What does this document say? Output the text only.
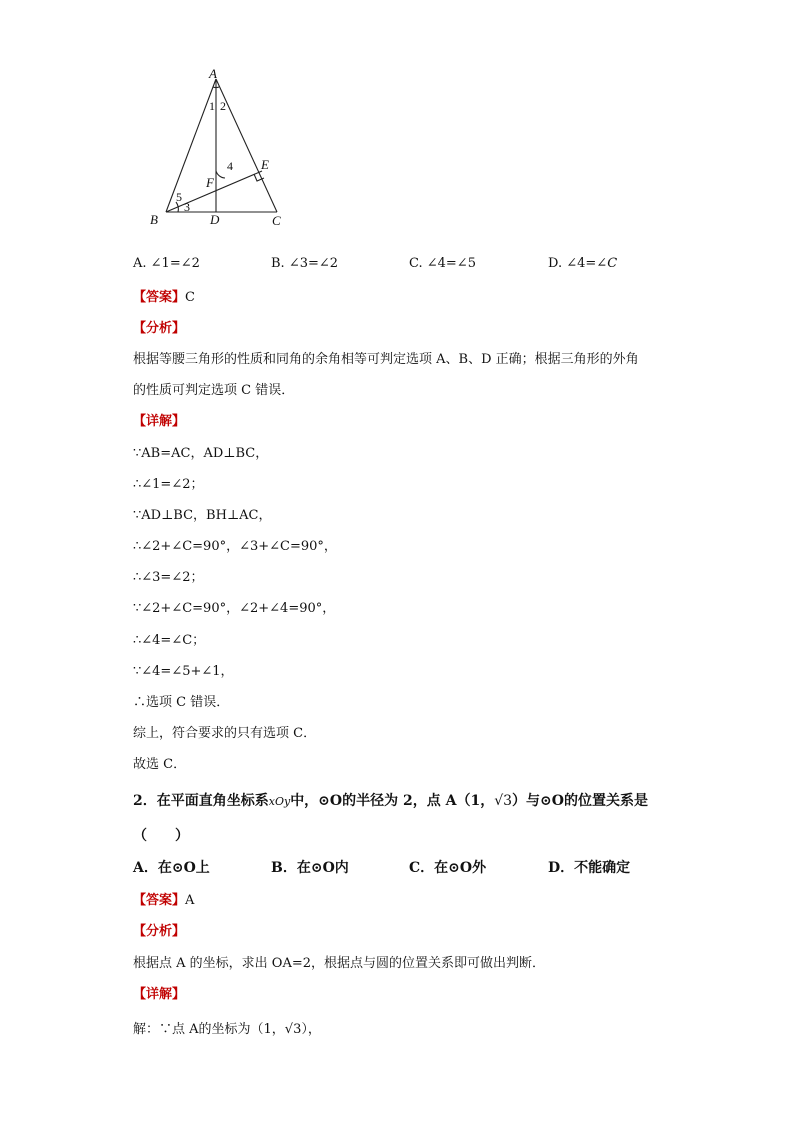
A
B	C
D
E
F
1 2
3
4
5
A. ∠1=∠2	B. ∠3=∠2	C. ∠4=∠5	D. ∠4=∠C
【答案】C
【分析】
根据等腰三角形的性质和同角的余角相等可判定选项 A、B、D 正确；根据三角形的外角
的性质可判定选项 C 错误．
【详解】
∵AB=AC，AD⊥BC，
∴∠1=∠2；
∵AD⊥BC，BH⊥AC，
∴∠2+∠C=90°，∠3+∠C=90°，
∴∠3=∠2；
∵∠2+∠C=90°，∠2+∠4=90°，
∴∠4=∠C；
∵∠4=∠5+∠1，
∴选项 C 错误．
综上，符合要求的只有选项 C．
故选 C．
2．在平面直角坐标系xOy中，⊙O的半径为 2，点 A（1，√3）与⊙O的位置关系是
（　　）
A．在⊙O上	B．在⊙O内	C．在⊙O外	D．不能确定
【答案】A
【分析】
根据点 A 的坐标，求出 OA=2，根据点与圆的位置关系即可做出判断．
【详解】
解：∵点 A的坐标为（1，√3），
